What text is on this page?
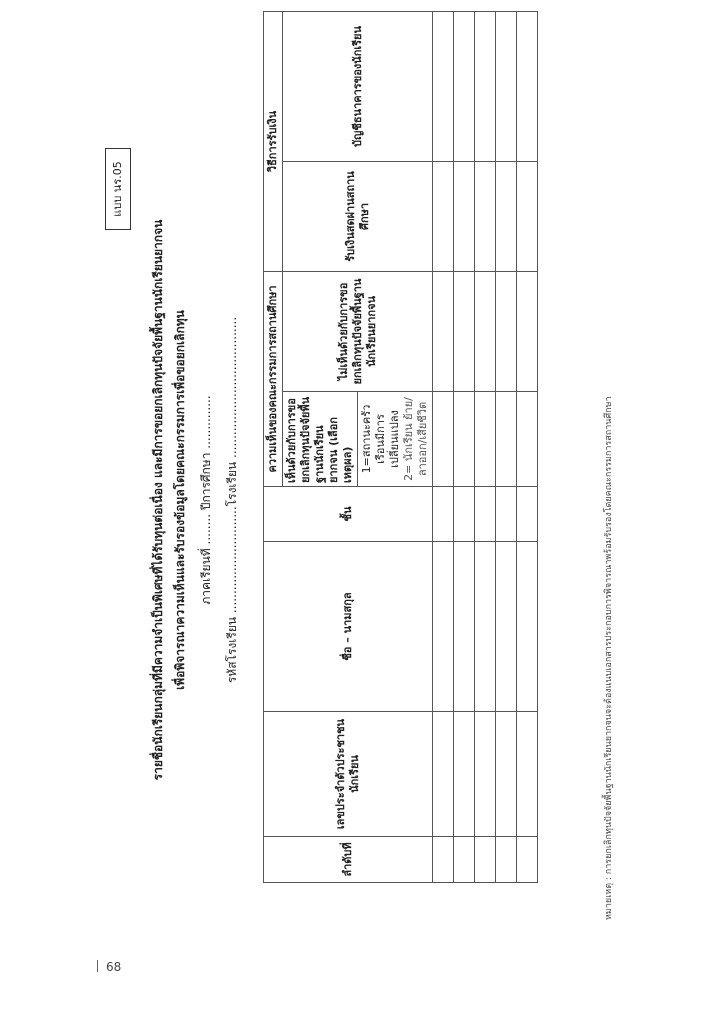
68
แบบ นร.05
รายชื่อนักเรียนกลุ่มที่มีความจำเป็นพิเศษที่ได้รับทุนต่อเนื่อง และมีการขอยกเลิกทุนปัจจัยพื้นฐานนักเรียนยากจน เพื่อพิจารณาความเห็นและรับรองข้อมูลโดยคณะกรรมการเพื่อขอยกเลิกทุน ภาคเรียนที่ ........ ปีการศึกษา .............. รหัสโรงเรียน ............................โรงเรียน .....................................
ลำดับที่	เลขประจำตัวประชาชนนักเรียน	ชื่อ – นามสกุล	ชั้น	ความเห็นของคณะกรรมการสถานศึกษา		วิธีการรับเงิน	
				เห็นด้วยกับการขอยกเลิกทุนปัจจัยพื้นฐานนักเรียนยากจน (เลือกเหตุผล)	ไม่เห็นด้วยกับการขอยกเลิกทุนปัจจัยพื้นฐานนักเรียนยากจน	รับเงินสดผ่านสถานศึกษา	บัญชีธนาคารของนักเรียน

				1=สถานะครัวเรือนมีการเปลี่ยนแปลง 2= นักเรียน ย้าย/ลาออก/เสียชีวิต			

								หมายเหตุ : การยกเลิกทุนปัจจัยพื้นฐานนักเรียนยากจนจะต้องแนบเอกสารประกอบการพิจารณาพร้อมรับรองโดยคณะกรรมการสถานศึกษา
